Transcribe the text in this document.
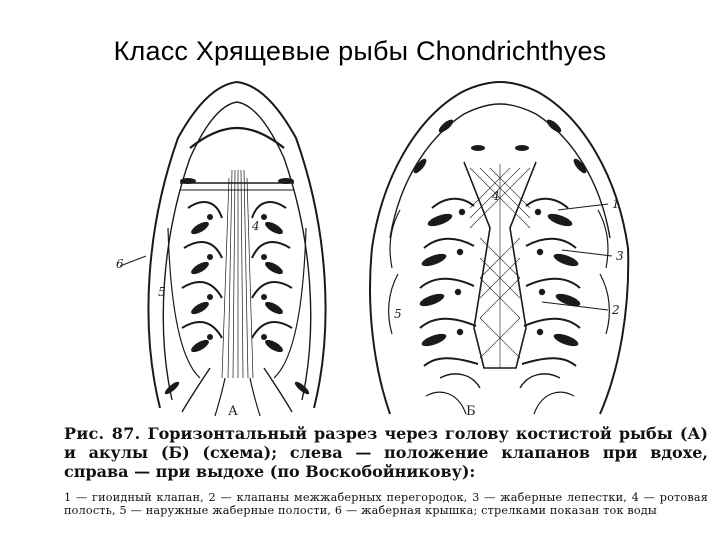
Класс Хрящевые рыбы Chondrichthyes
4
6
5
4
1
3
2
5
А	Б
Рис. 87. Горизонтальный разрез через голову костистой рыбы (А) и акулы (Б) (схема); слева — положение клапанов при вдохе, справа — при выдохе (по Воскобойникову):
1 — гиоидный клапан, 2 — клапаны межжаберных перегородок, 3 — жаберные лепестки, 4 — ротовая полость, 5 — наружные жаберные полости, 6 — жаберная крышка; стрелками показан ток воды
